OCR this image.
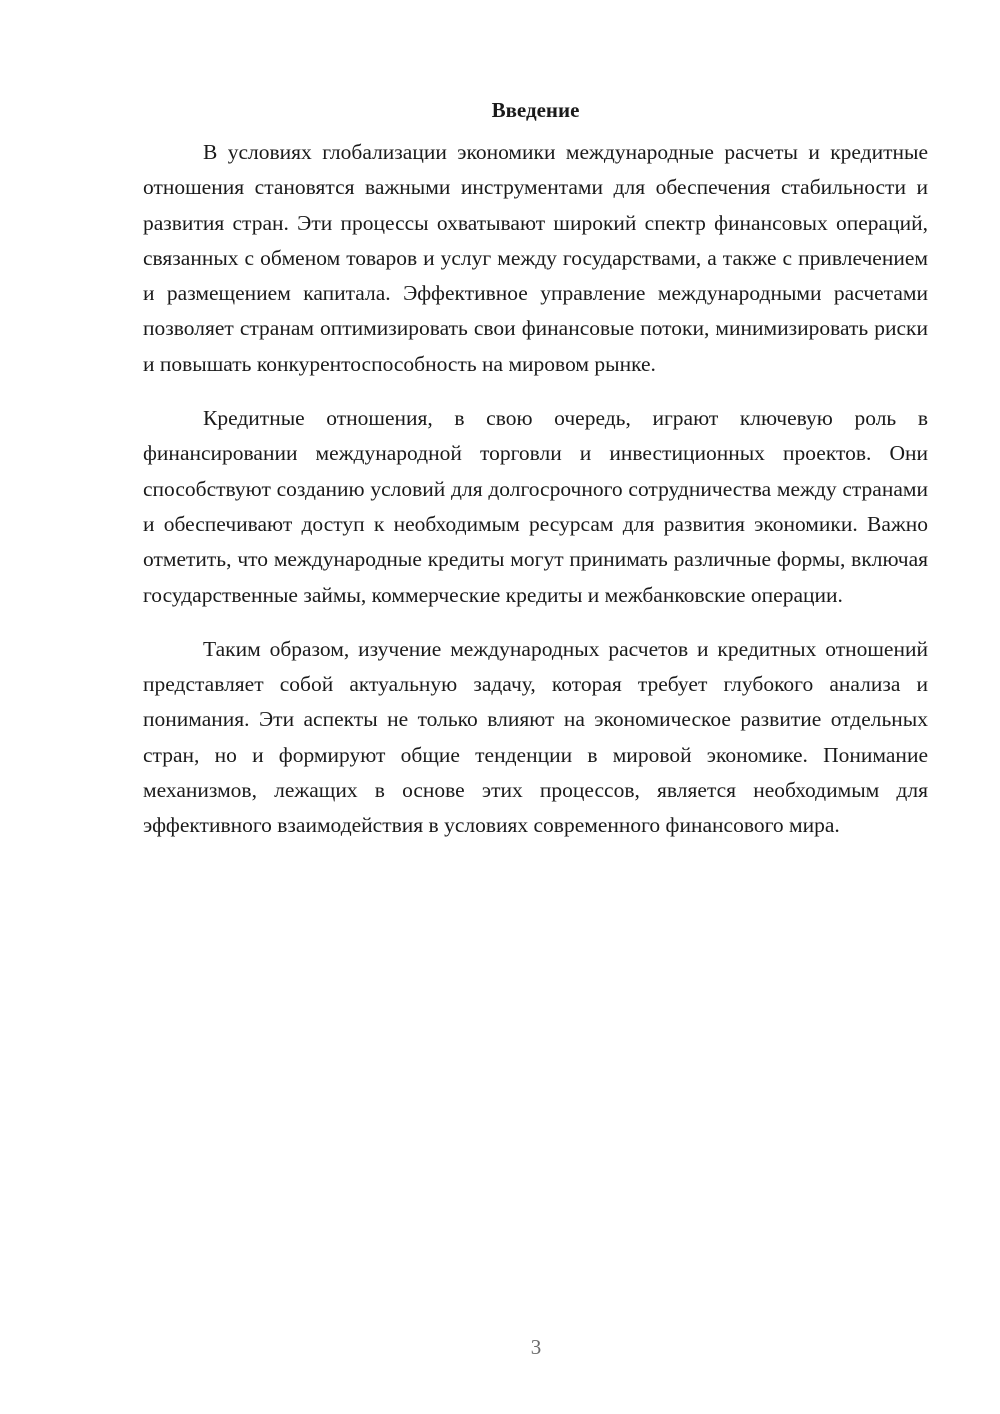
Введение

В условиях глобализации экономики международные расчеты и кредитные отношения становятся важными инструментами для обеспечения стабильности и развития стран. Эти процессы охватывают широкий спектр финансовых операций, связанных с обменом товаров и услуг между государствами, а также с привлечением и размещением капитала. Эффективное управление международными расчетами позволяет странам оптимизировать свои финансовые потоки, минимизировать риски и повышать конкурентоспособность на мировом рынке.

Кредитные отношения, в свою очередь, играют ключевую роль в финансировании международной торговли и инвестиционных проектов. Они способствуют созданию условий для долгосрочного сотрудничества между странами и обеспечивают доступ к необходимым ресурсам для развития экономики. Важно отметить, что международные кредиты могут принимать различные формы, включая государственные займы, коммерческие кредиты и межбанковские операции.

Таким образом, изучение международных расчетов и кредитных отношений представляет собой актуальную задачу, которая требует глубокого анализа и понимания. Эти аспекты не только влияют на экономическое развитие отдельных стран, но и формируют общие тенденции в мировой экономике. Понимание механизмов, лежащих в основе этих процессов, является необходимым для эффективного взаимодействия в условиях современного финансового мира.

3
